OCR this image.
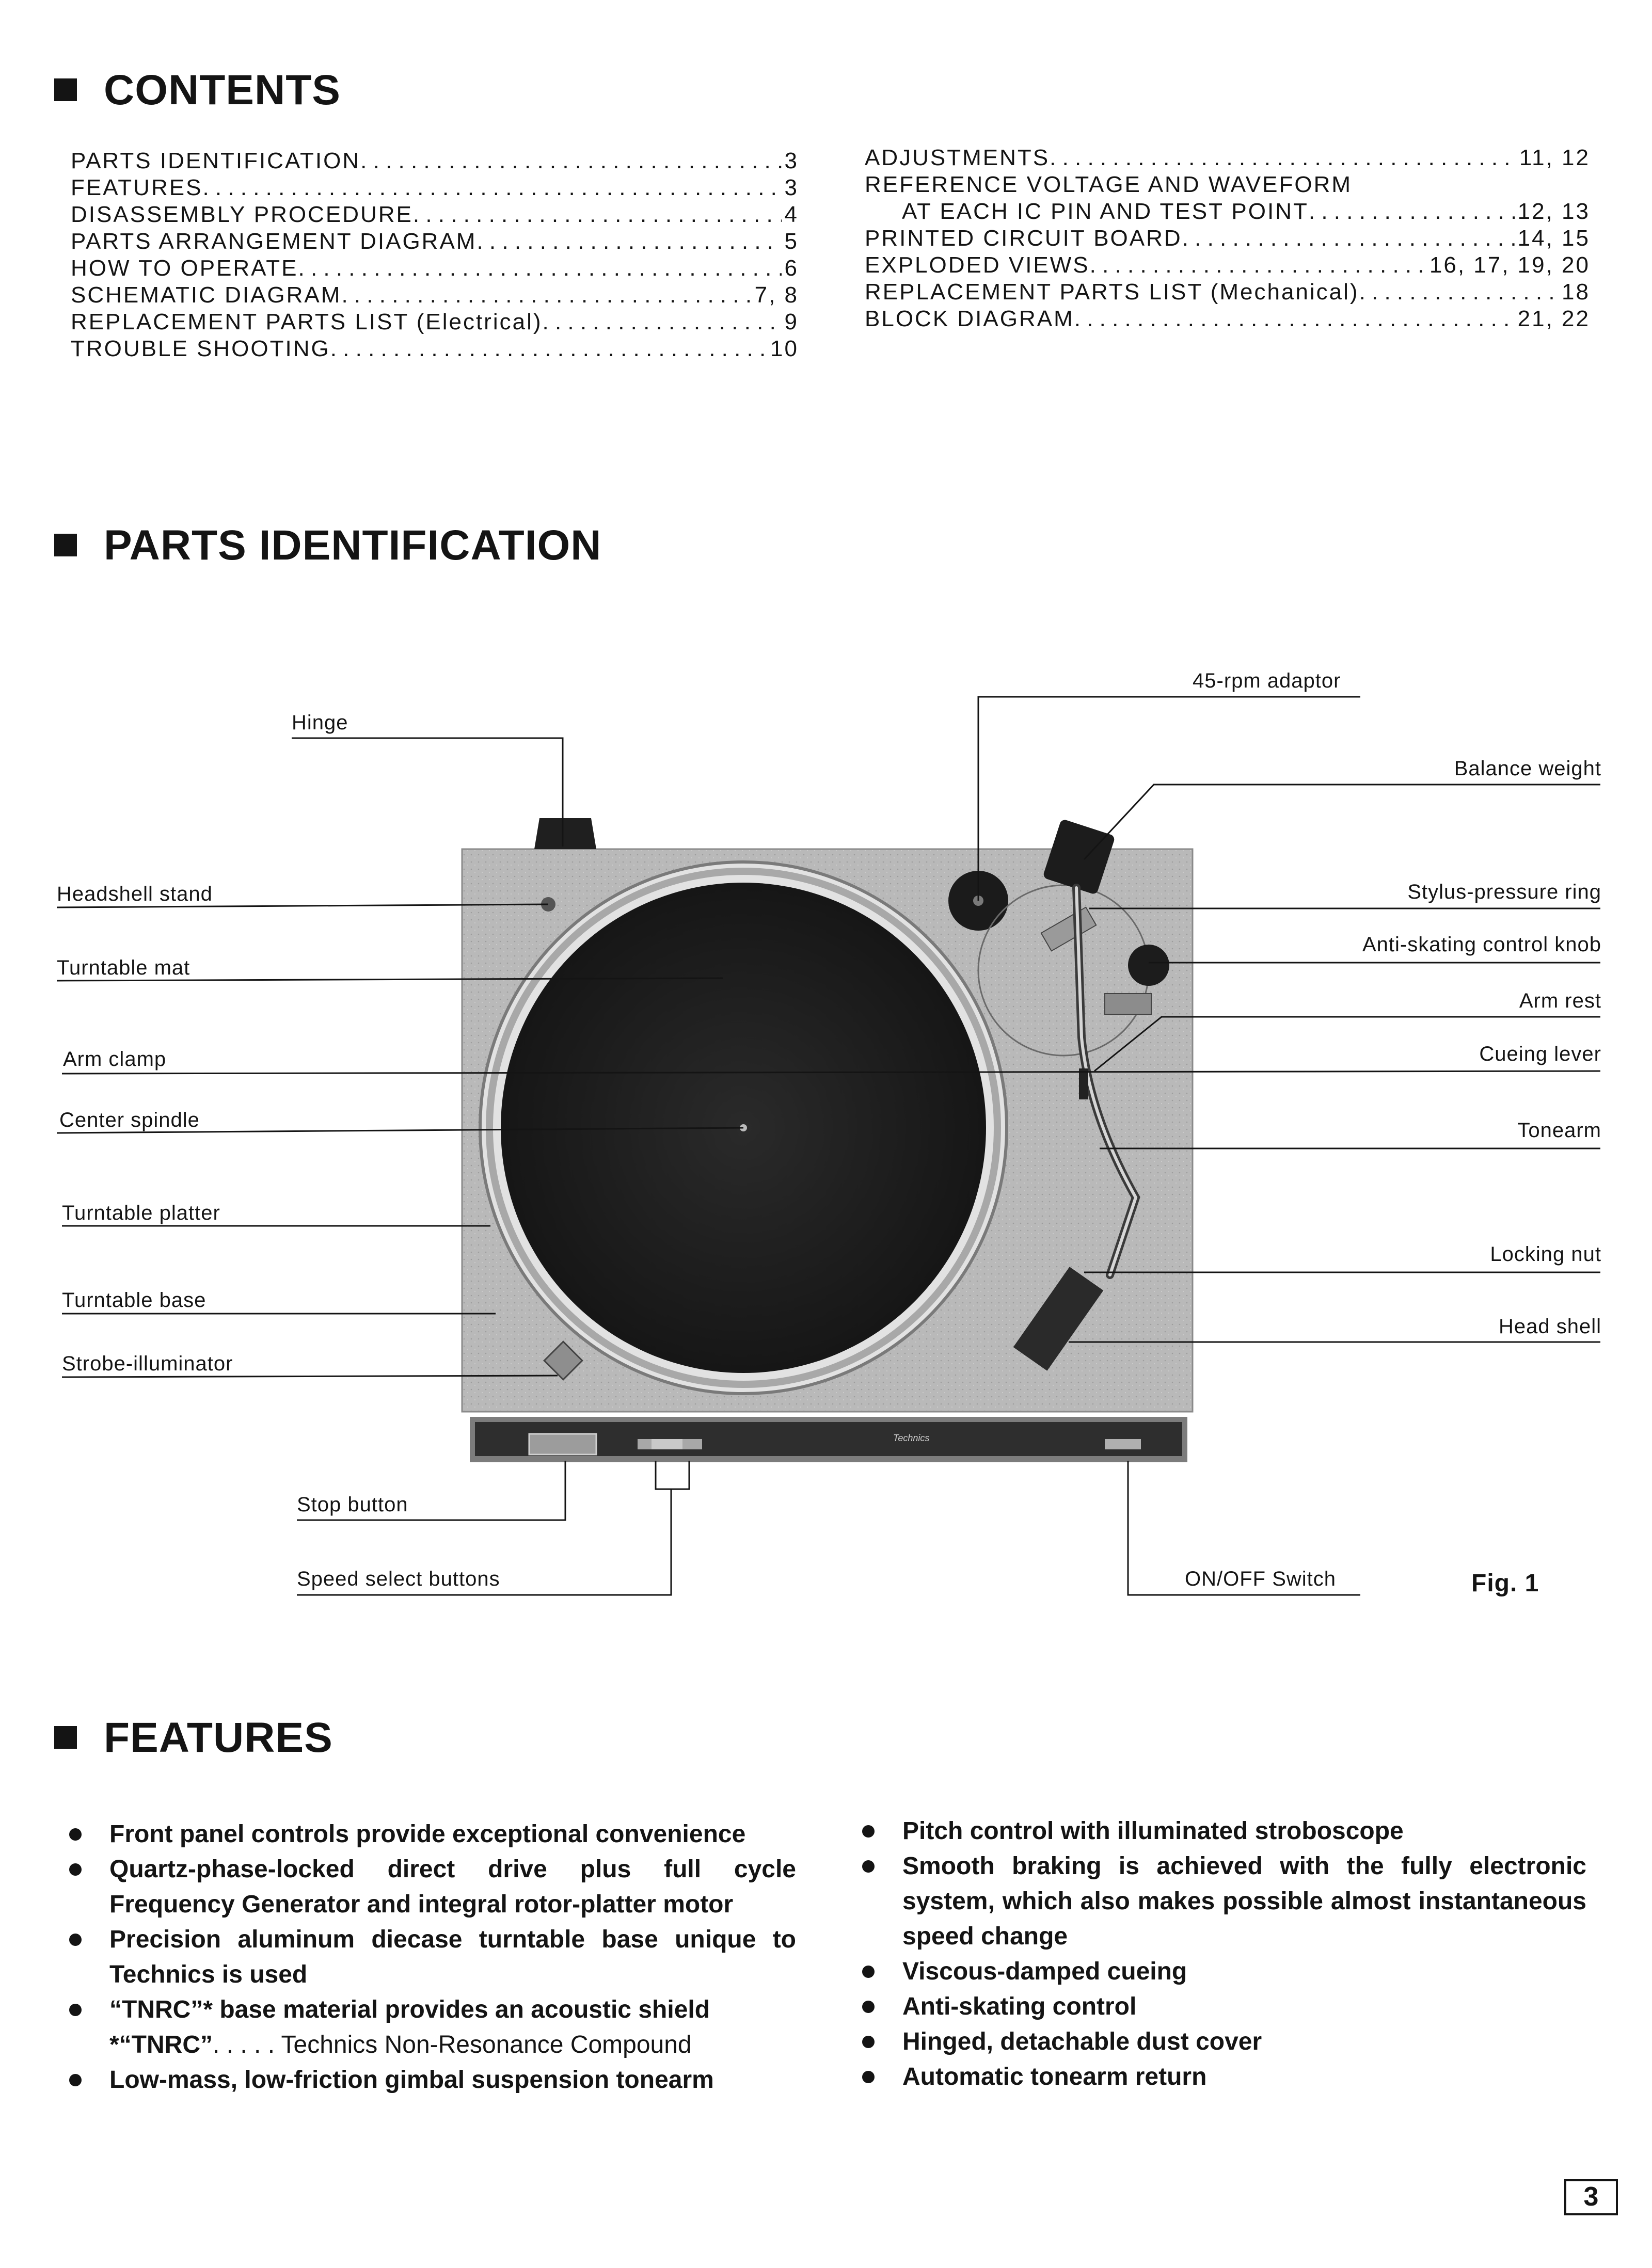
CONTENTS
PARTS IDENTIFICATION . . .	3
FEATURES . . .	3
DISASSEMBLY PROCEDURE . . .	4
PARTS ARRANGEMENT DIAGRAM . . .	5
HOW TO OPERATE . . .	6
SCHEMATIC DIAGRAM . . .	7, 8
REPLACEMENT PARTS LIST (Electrical) . . .	9
TROUBLE SHOOTING . . .	10
ADJUSTMENTS . . .	11, 12
REFERENCE VOLTAGE AND WAVEFORM
AT EACH IC PIN AND TEST POINT . . .	12, 13
PRINTED CIRCUIT BOARD . . .	14, 15
EXPLODED VIEWS . . .	16, 17, 19, 20
REPLACEMENT PARTS LIST (Mechanical) . . .	18
BLOCK DIAGRAM . . .	21, 22
PARTS IDENTIFICATION
Technics
Hinge
45-rpm adaptor
Balance weight
Headshell stand	Stylus-pressure ring
Turntable mat
Anti-skating control knob
Arm rest
Arm clamp	Cueing lever
Center spindle	Tonearm
Turntable platter
Locking nut
Turntable base
Head shell
Strobe-illuminator
Stop button
Speed select buttons	ON/OFF Switch	Fig. 1
FEATURES
Front panel controls provide exceptional convenience
Quartz-phase-locked direct drive plus full cycle Frequency Generator and integral rotor-platter motor
Precision aluminum diecase turntable base unique to Technics is used
“TNRC”* base material provides an acoustic shield
*“TNRC”. . . . . Technics Non-Resonance Compound
Low-mass, low-friction gimbal suspension tonearm
Pitch control with illuminated stroboscope
Smooth braking is achieved with the fully electronic system, which also makes possible almost instantaneous speed change
Viscous-damped cueing
Anti-skating control
Hinged, detachable dust cover
Automatic tonearm return
3
